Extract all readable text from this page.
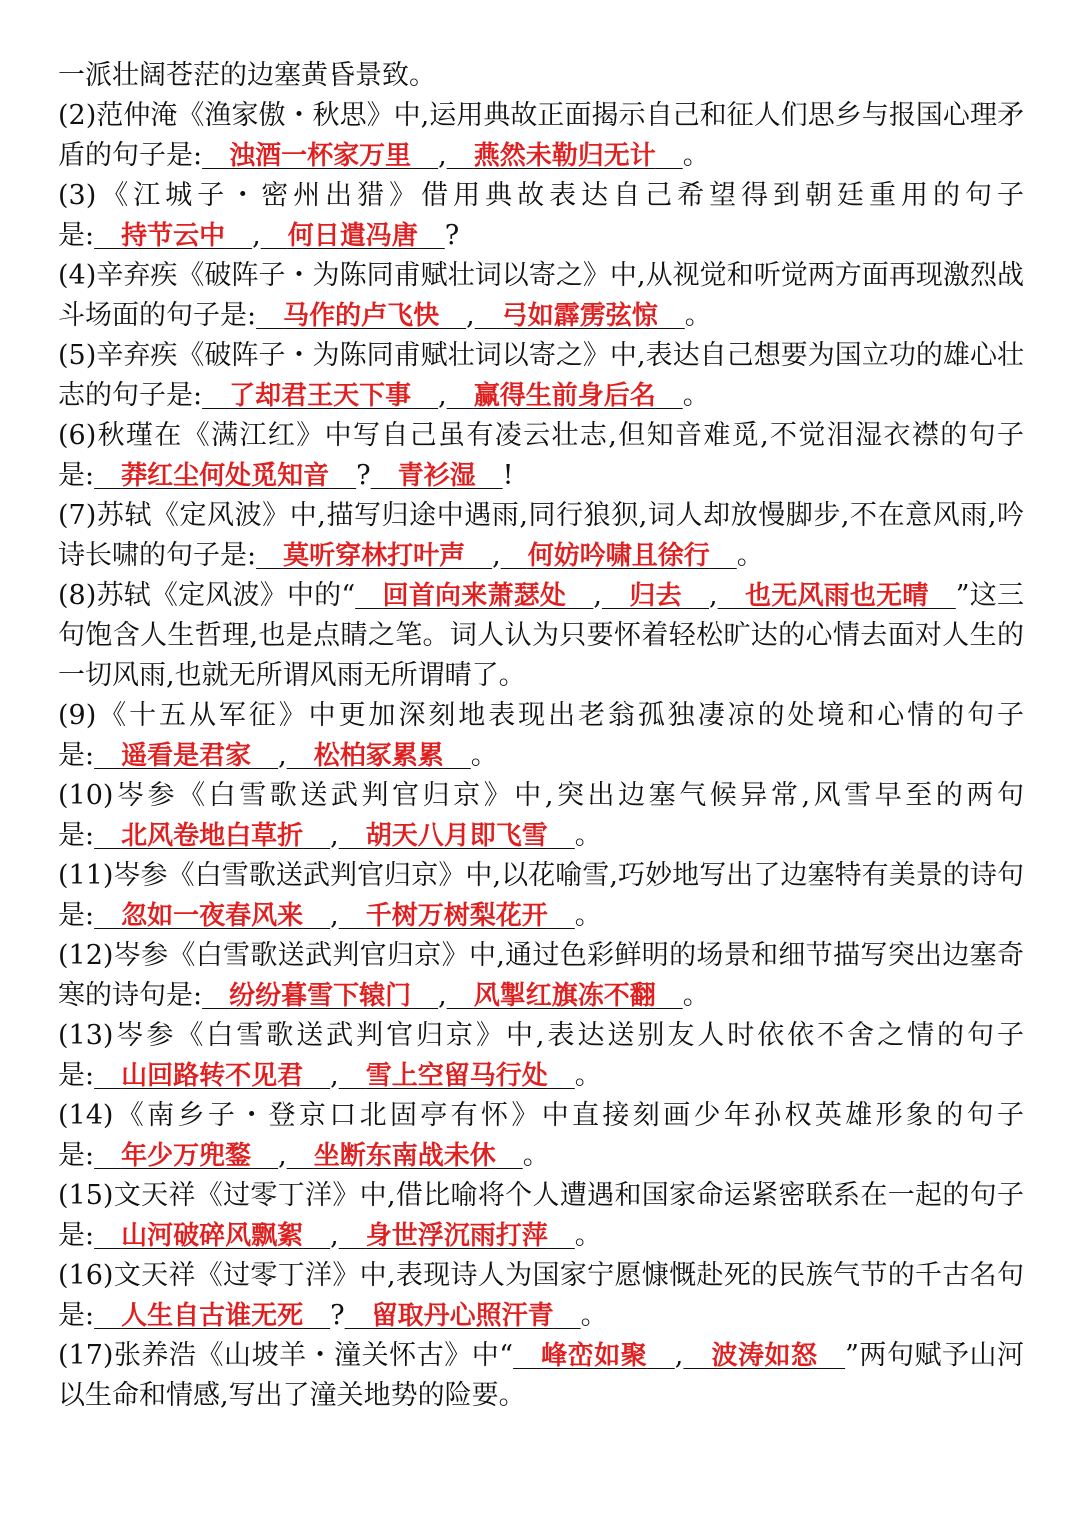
一派壮阔苍茫的边塞黄昏景致。

(2)范仲淹《渔家傲・秋思》中,运用典故正面揭示自己和征人们思乡与报国心理矛盾的句子是:　 浊酒一杯家万里　 ,　 燕然未勒归无计　 。

(3)《江城子・密州出猎》借用典故表达自己希望得到朝廷重用的句子是:　 持节云中　 ,　 何日遣冯唐　 ?

(4)辛弃疾《破阵子・为陈同甫赋壮词以寄之》中,从视觉和听觉两方面再现激烈战斗场面的句子是:　 马作的卢飞快　 ,　 弓如霹雳弦惊　 。

(5)辛弃疾《破阵子・为陈同甫赋壮词以寄之》中,表达自己想要为国立功的雄心壮志的句子是:　 了却君王天下事　 ,　 赢得生前身后名　 。

(6)秋瑾在《满江红》中写自己虽有凌云壮志,但知音难觅,不觉泪湿衣襟的句子是:　 莽红尘何处觅知音　 ?　 青衫湿　 !

(7)苏轼《定风波》中,描写归途中遇雨,同行狼狈,词人却放慢脚步,不在意风雨,吟诗长啸的句子是:　 莫听穿林打叶声　 ,　 何妨吟啸且徐行　 。

(8)苏轼《定风波》中的“　 回首向来萧瑟处　 ,　 归去　 ,　 也无风雨也无晴　 ”这三句饱含人生哲理,也是点睛之笔。词人认为只要怀着轻松旷达的心情去面对人生的一切风雨,也就无所谓风雨无所谓晴了。

(9)《十五从军征》中更加深刻地表现出老翁孤独凄凉的处境和心情的句子是:　 遥看是君家　 ,　 松柏冢累累　 。

(10)岑参《白雪歌送武判官归京》中,突出边塞气候异常,风雪早至的两句是:　 北风卷地白草折　 ,　 胡天八月即飞雪　 。

(11)岑参《白雪歌送武判官归京》中,以花喻雪,巧妙地写出了边塞特有美景的诗句是:　 忽如一夜春风来　 ,　 千树万树梨花开　 。

(12)岑参《白雪歌送武判官归京》中,通过色彩鲜明的场景和细节描写突出边塞奇寒的诗句是:　 纷纷暮雪下辕门　 ,　 风掣红旗冻不翻　 。

(13)岑参《白雪歌送武判官归京》中,表达送别友人时依依不舍之情的句子是:　 山回路转不见君　 ,　 雪上空留马行处　 。

(14)《南乡子・登京口北固亭有怀》中直接刻画少年孙权英雄形象的句子是:　 年少万兜鍪　 ,　 坐断东南战未休　 。

(15)文天祥《过零丁洋》中,借比喻将个人遭遇和国家命运紧密联系在一起的句子是:　 山河破碎风飘絮　 ,　 身世浮沉雨打萍　 。

(16)文天祥《过零丁洋》中,表现诗人为国家宁愿慷慨赴死的民族气节的千古名句是:　 人生自古谁无死　 ?　 留取丹心照汗青　 。

(17)张养浩《山坡羊・潼关怀古》中“　 峰峦如聚　 ,　 波涛如怒　 ”两句赋予山河以生命和情感,写出了潼关地势的险要。
